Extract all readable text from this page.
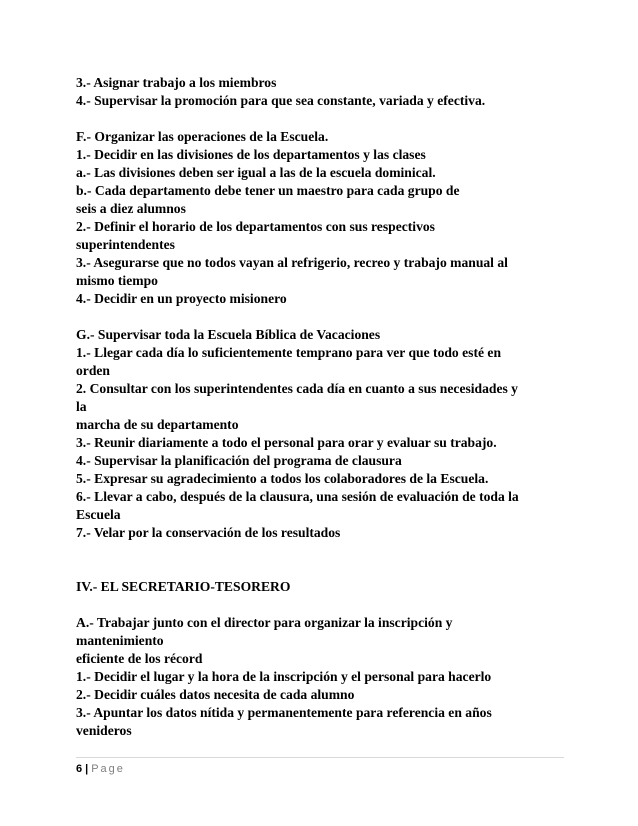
3.- Asignar trabajo a los miembros
4.- Supervisar la promoción para que sea constante, variada y efectiva.
F.- Organizar las operaciones de la Escuela.
1.- Decidir en las divisiones de los departamentos y las clases
a.- Las divisiones deben ser igual a las de la escuela dominical.
b.- Cada departamento debe tener un maestro para cada grupo de
seis a diez alumnos
2.- Definir el horario de los departamentos con sus respectivos
superintendentes
3.- Asegurarse que no todos vayan al refrigerio, recreo y trabajo manual al
mismo tiempo
4.- Decidir en un proyecto misionero
G.- Supervisar toda la Escuela Bíblica de Vacaciones
1.- Llegar cada día lo suficientemente temprano para ver que todo esté en
orden
2. Consultar con los superintendentes cada día en cuanto a sus necesidades y
la
marcha de su departamento
3.- Reunir diariamente a todo el personal para orar y evaluar su trabajo.
4.- Supervisar la planificación del programa de clausura
5.- Expresar su agradecimiento a todos los colaboradores de la Escuela.
6.- Llevar a cabo, después de la clausura, una sesión de evaluación de toda la
Escuela
7.- Velar por la conservación de los resultados
IV.- EL SECRETARIO-TESORERO
A.- Trabajar junto con el director para organizar la inscripción y
mantenimiento
eficiente de los récord
1.- Decidir el lugar y la hora de la inscripción y el personal para hacerlo
2.- Decidir cuáles datos necesita de cada alumno
3.- Apuntar los datos nítida y permanentemente para referencia en años
venideros
6 | Page
